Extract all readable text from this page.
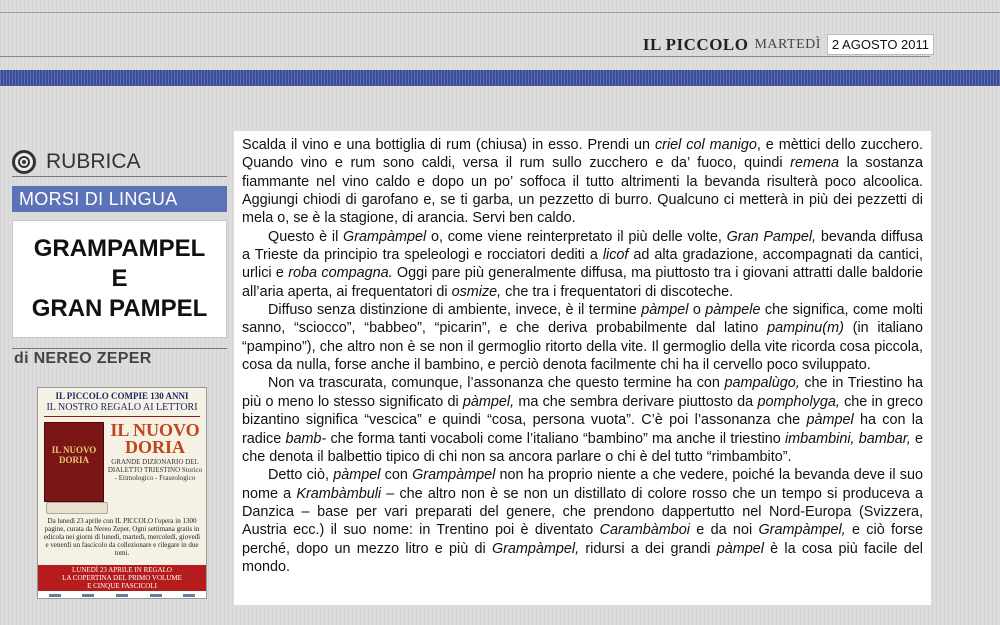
IL PICCOLO MARTEDÌ 2 AGOSTO 2011
RUBRICA
MORSI DI LINGUA
GRAMPAMPEL
E
GRAN PAMPEL
di NEREO ZEPER
IL PICCOLO COMPIE 130 ANNI
IL NOSTRO REGALO AI LETTORI
IL NUOVO DORIA
IL NUOVO DORIA
GRANDE DIZIONARIO DEL DIALETTO TRIESTINO Storico - Etimologico - Fraseologico
Da lunedì 23 aprile con IL PICCOLO l'opera in 1300 pagine, curata da Nereo Zeper. Ogni settimana gratis in edicola nei giorni di lunedì, martedì, mercoledì, giovedì e venerdì un fascicolo da collezionare e rilegare in due tomi.
LUNEDÌ 23 APRILE IN REGALO
LA COPERTINA DEL PRIMO VOLUME
E CINQUE FASCICOLI

Scalda il vino e una bottiglia di rum (chiusa) in esso. Prendi un criel col manigo, e mèttici dello zucchero. Quando vino e rum sono caldi, versa il rum sullo zucchero e da’ fuoco, quindi remena la sostanza fiammante nel vino caldo e dopo un po’ soffoca il tutto altrimenti la bevanda risulterà poco alcoolica. Aggiungi chiodi di garofano e, se ti garba, un pezzetto di burro. Qualcuno ci metterà in più dei pezzetti di mela o, se è la stagione, di arancia. Servi ben caldo.

Questo è il Grampàmpel o, come viene reinterpretato il più delle volte, Gran Pampel, bevanda diffusa a Trieste da principio tra speleologi e rocciatori dediti a licof ad alta gradazione, accompagnati da cantici, urlici e roba compagna. Oggi pare più generalmente diffusa, ma piuttosto tra i giovani attratti dalle baldorie all’aria aperta, ai frequentatori di osmize, che tra i frequentatori di discoteche.

Diffuso senza distinzione di ambiente, invece, è il termine pàmpel o pàmpele che significa, come molti sanno, “sciocco”, “babbeo”, “picarin”, e che deriva probabilmente dal latino pampinu(m) (in italiano “pampino”), che altro non è se non il germoglio ritorto della vite. Il germoglio della vite ricorda cosa piccola, cosa da nulla, forse anche il bambino, e perciò denota facilmente chi ha il cervello poco sviluppato.

Non va trascurata, comunque, l’assonanza che questo termine ha con pampalùgo, che in Triestino ha più o meno lo stesso significato di pàmpel, ma che sembra derivare piuttosto da pompholyga, che in greco bizantino significa “vescica” e quindi “cosa, persona vuota”. C’è poi l’assonanza che pàmpel ha con la radice bamb- che forma tanti vocaboli come l’italiano “bambino” ma anche il triestino imbambini, bambar, e che denota il balbettio tipico di chi non sa ancora parlare o chi è del tutto “rimbambito”.

Detto ciò, pàmpel con Grampàmpel non ha proprio niente a che vedere, poiché la bevanda deve il suo nome a Krambàmbuli – che altro non è se non un distillato di colore rosso che un tempo si produceva a Danzica – base per vari preparati del genere, che prendono dappertutto nel Nord-Europa (Svizzera, Austria ecc.) il suo nome: in Trentino poi è diventato Carambàmboi e da noi Grampàmpel, e ciò forse perché, dopo un mezzo litro e più di Grampàmpel, ridursi a dei grandi pàmpel è la cosa più facile del mondo.
